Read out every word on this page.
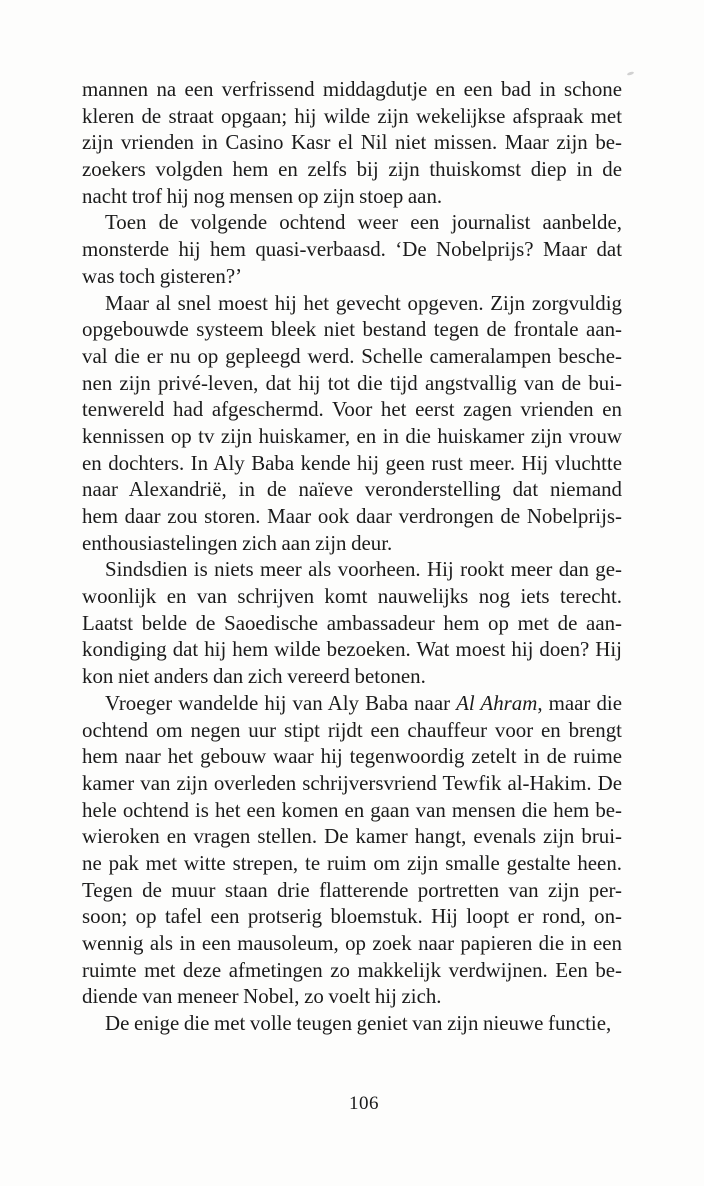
mannen na een verfrissend middagdutje en een bad in schone
kleren de straat opgaan; hij wilde zijn wekelijkse afspraak met
zijn vrienden in Casino Kasr el Nil niet missen. Maar zijn be-
zoekers volgden hem en zelfs bij zijn thuiskomst diep in de
nacht trof hij nog mensen op zijn stoep aan.
Toen de volgende ochtend weer een journalist aanbelde,
monsterde hij hem quasi-verbaasd. ‘De Nobelprijs? Maar dat
was toch gisteren?’
Maar al snel moest hij het gevecht opgeven. Zijn zorgvuldig
opgebouwde systeem bleek niet bestand tegen de frontale aan-
val die er nu op gepleegd werd. Schelle cameralampen besche-
nen zijn privé-leven, dat hij tot die tijd angstvallig van de bui-
tenwereld had afgeschermd. Voor het eerst zagen vrienden en
kennissen op tv zijn huiskamer, en in die huiskamer zijn vrouw
en dochters. In Aly Baba kende hij geen rust meer. Hij vluchtte
naar Alexandrië, in de naïeve veronderstelling dat niemand
hem daar zou storen. Maar ook daar verdrongen de Nobelprijs-
enthousiastelingen zich aan zijn deur.
Sindsdien is niets meer als voorheen. Hij rookt meer dan ge-
woonlijk en van schrijven komt nauwelijks nog iets terecht.
Laatst belde de Saoedische ambassadeur hem op met de aan-
kondiging dat hij hem wilde bezoeken. Wat moest hij doen? Hij
kon niet anders dan zich vereerd betonen.
Vroeger wandelde hij van Aly Baba naar Al Ahram, maar die
ochtend om negen uur stipt rijdt een chauffeur voor en brengt
hem naar het gebouw waar hij tegenwoordig zetelt in de ruime
kamer van zijn overleden schrijversvriend Tewfik al-Hakim. De
hele ochtend is het een komen en gaan van mensen die hem be-
wieroken en vragen stellen. De kamer hangt, evenals zijn brui-
ne pak met witte strepen, te ruim om zijn smalle gestalte heen.
Tegen de muur staan drie flatterende portretten van zijn per-
soon; op tafel een protserig bloemstuk. Hij loopt er rond, on-
wennig als in een mausoleum, op zoek naar papieren die in een
ruimte met deze afmetingen zo makkelijk verdwijnen. Een be-
diende van meneer Nobel, zo voelt hij zich.
De enige die met volle teugen geniet van zijn nieuwe functie,
106
